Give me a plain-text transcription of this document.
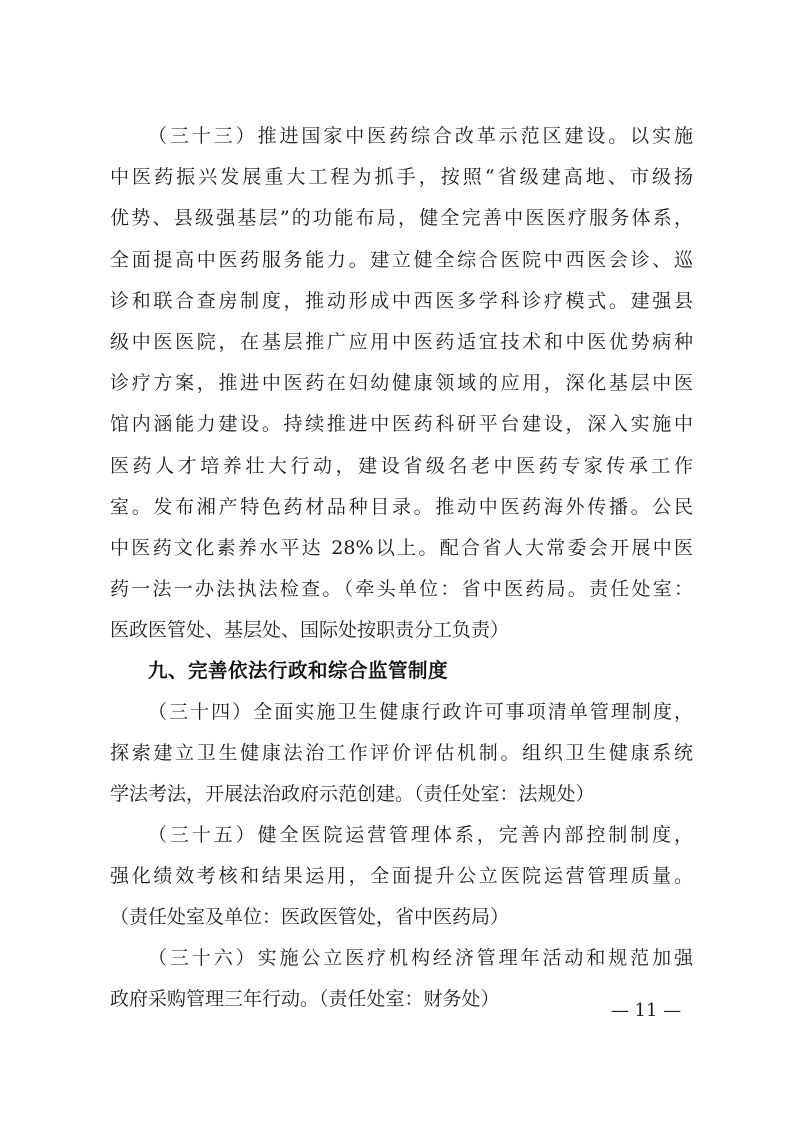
（三十三）推进国家中医药综合改革示范区建设。以实施
中医药振兴发展重大工程为抓手，按照“省级建高地、市级扬
优势、县级强基层”的功能布局，健全完善中医医疗服务体系，
全面提高中医药服务能力。建立健全综合医院中西医会诊、巡
诊和联合查房制度，推动形成中西医多学科诊疗模式。建强县
级中医医院，在基层推广应用中医药适宜技术和中医优势病种
诊疗方案，推进中医药在妇幼健康领域的应用，深化基层中医
馆内涵能力建设。持续推进中医药科研平台建设，深入实施中
医药人才培养壮大行动，建设省级名老中医药专家传承工作
室。发布湘产特色药材品种目录。推动中医药海外传播。公民
中医药文化素养水平达 28%以上。配合省人大常委会开展中医
药一法一办法执法检查。（牵头单位：省中医药局。责任处室：
医政医管处、基层处、国际处按职责分工负责）
九、完善依法行政和综合监管制度
（三十四）全面实施卫生健康行政许可事项清单管理制度，
探索建立卫生健康法治工作评价评估机制。组织卫生健康系统
学法考法，开展法治政府示范创建。（责任处室：法规处）
（三十五）健全医院运营管理体系，完善内部控制制度，
强化绩效考核和结果运用，全面提升公立医院运营管理质量。
（责任处室及单位：医政医管处，省中医药局）
（三十六）实施公立医疗机构经济管理年活动和规范加强
政府采购管理三年行动。（责任处室：财务处）
— 11 —
